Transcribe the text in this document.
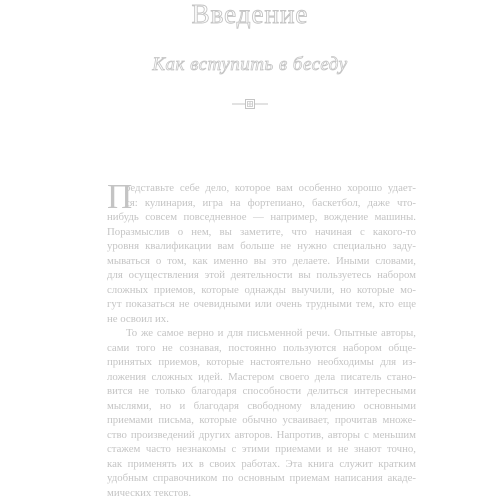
Введение
Как вступить в беседу
П
редставьте себе дело, которое вам особенно хорошо удает-
ся: кулинария, игра на фортепиано, баскетбол, даже что-
нибудь совсем повседневное — например, вождение машины.
Поразмыслив о нем, вы заметите, что начиная с какого-то
уровня квалификации вам больше не нужно специально заду-
мываться о том, как именно вы это делаете. Иными словами,
для осуществления этой деятельности вы пользуетесь набором
сложных приемов, которые однажды выучили, но которые мо-
гут показаться не очевидными или очень трудными тем, кто еще
не освоил их.
То же самое верно и для письменной речи. Опытные авторы,
сами того не сознавая, постоянно пользуются набором обще-
принятых приемов, которые настоятельно необходимы для из-
ложения сложных идей. Мастером своего дела писатель стано-
вится не только благодаря способности делиться интересными
мыслями, но и благодаря свободному владению основными
приемами письма, которые обычно усваивает, прочитав множе-
ство произведений других авторов. Напротив, авторы с меньшим
стажем часто незнакомы с этими приемами и не знают точно,
как применять их в своих работах. Эта книга служит кратким
удобным справочником по основным приемам написания акаде-
мических текстов.
